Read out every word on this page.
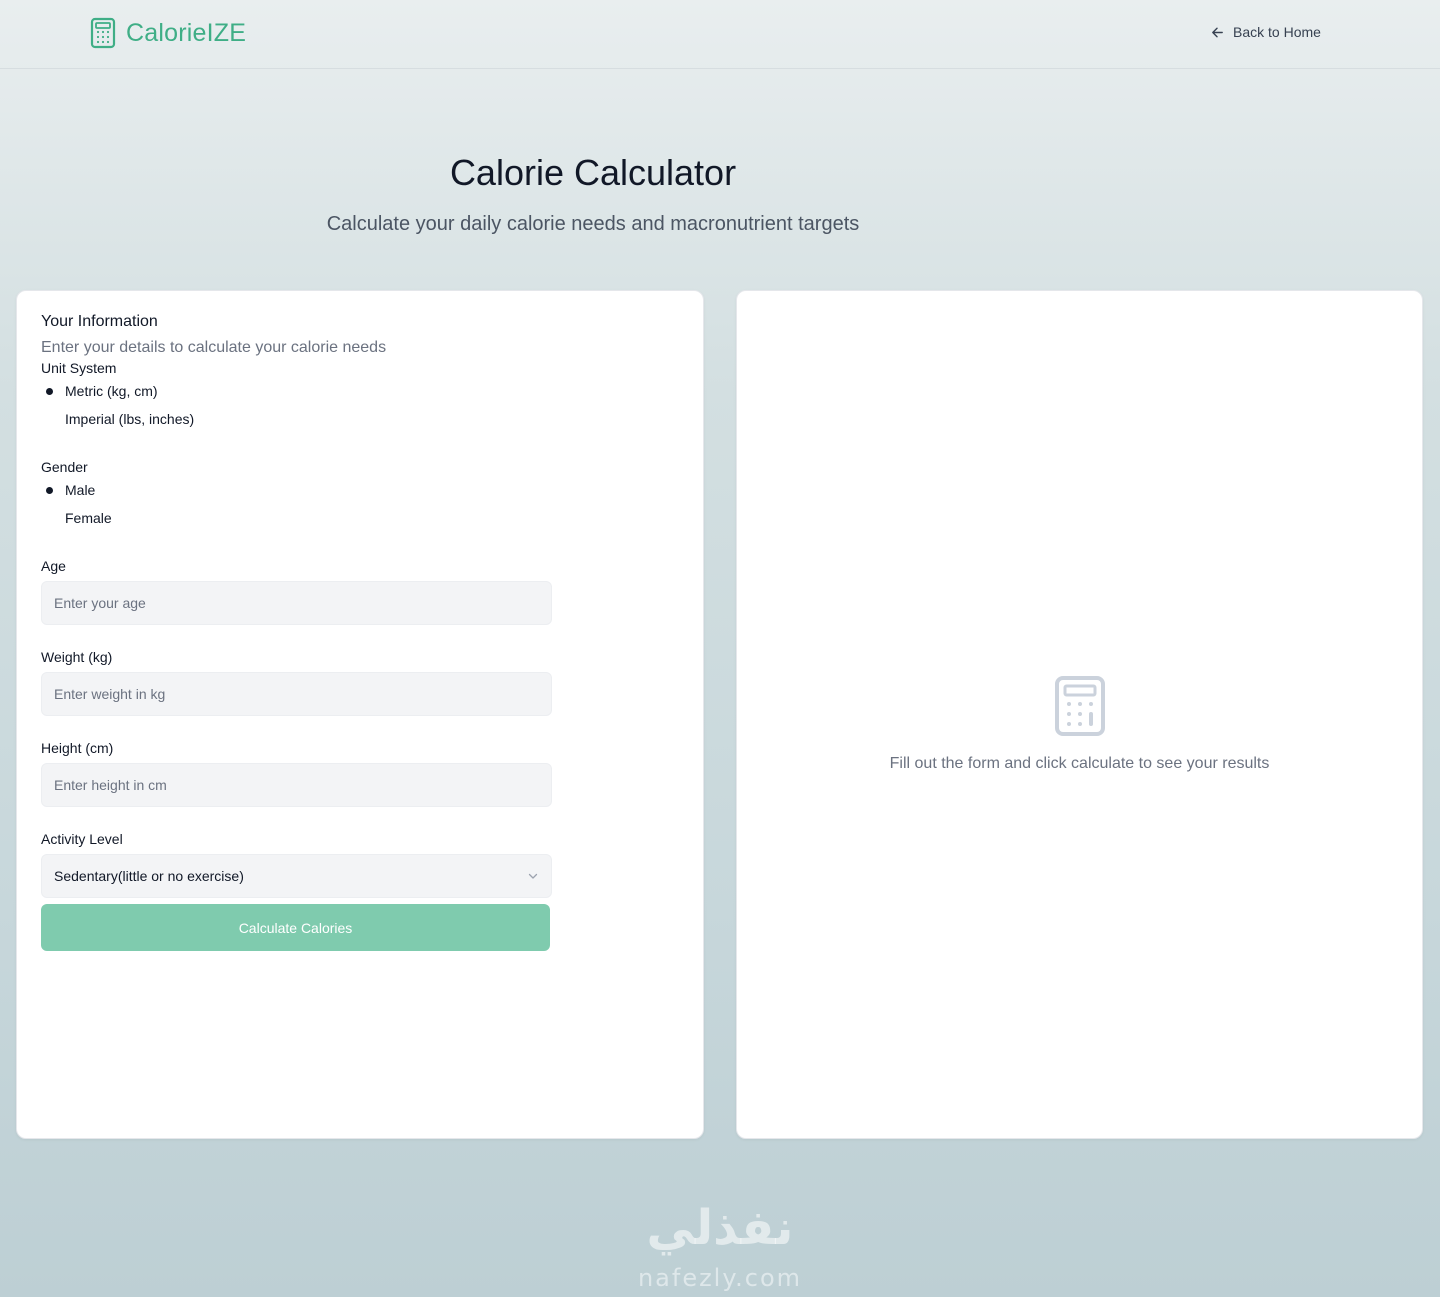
CalorieIZE	Back to Home
Calorie Calculator

Calculate your daily calorie needs and macronutrient targets

Your Information
Enter your details to calculate your calorie needs
Unit System
Metric (kg, cm)
Imperial (lbs, inches)
Gender
Male
Female
Age
Enter your age
Weight (kg)
Enter weight in kg
Height (cm)
Enter height in cm
Activity Level
Sedentary(little or no exercise)
Calculate Calories
Fill out the form and click calculate to see your results
نفذلي
nafezly.com
